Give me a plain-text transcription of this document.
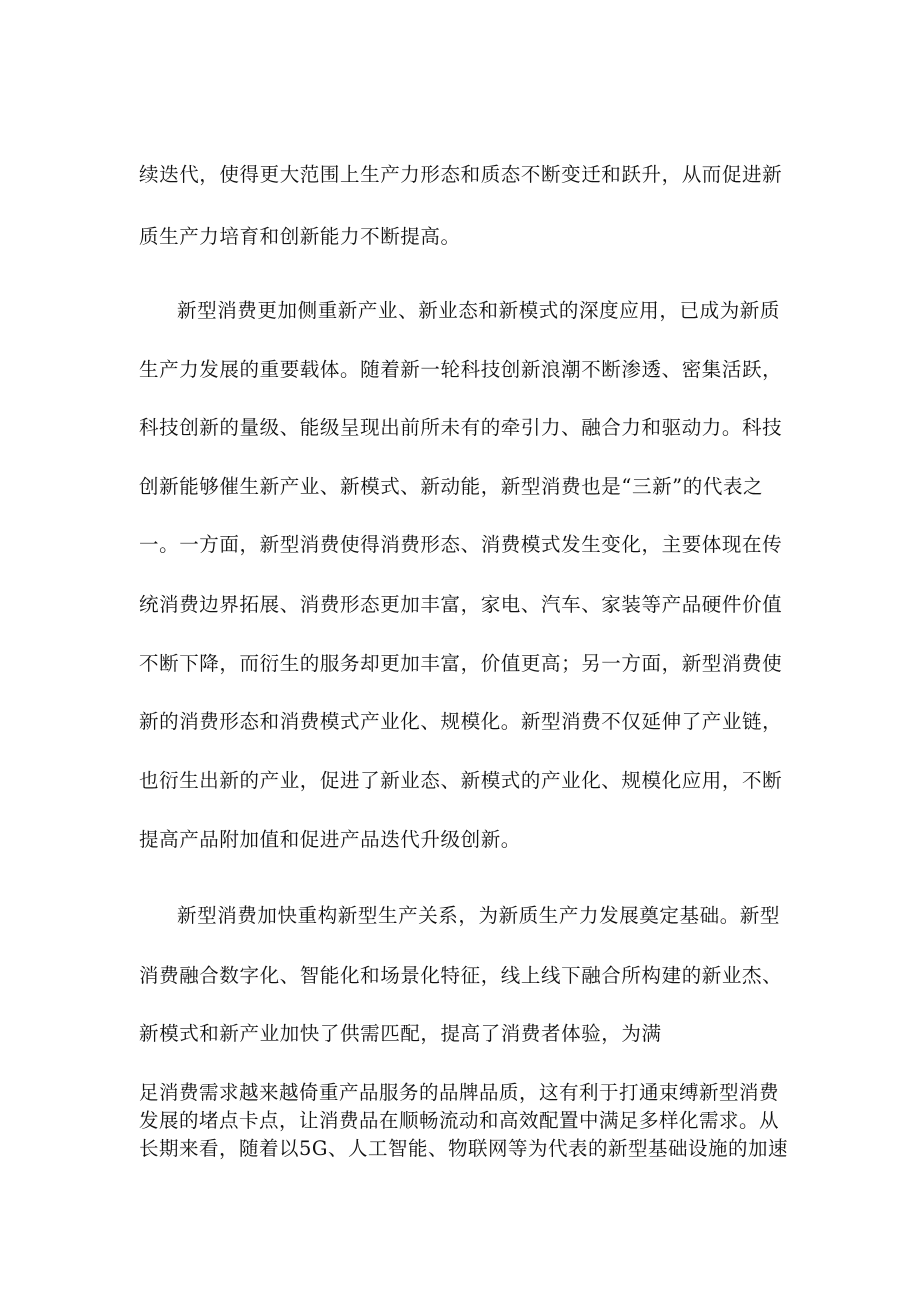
续迭代，使得更大范围上生产力形态和质态不断变迁和跃升，从而促进新

质生产力培育和创新能力不断提高。

新型消费更加侧重新产业、新业态和新模式的深度应用，已成为新质

生产力发展的重要载体。随着新一轮科技创新浪潮不断渗透、密集活跃，

科技创新的量级、能级呈现出前所未有的牵引力、融合力和驱动力。科技

创新能够催生新产业、新模式、新动能，新型消费也是“三新”的代表之

一。一方面，新型消费使得消费形态、消费模式发生变化，主要体现在传

统消费边界拓展、消费形态更加丰富，家电、汽车、家装等产品硬件价值

不断下降，而衍生的服务却更加丰富，价值更高；另一方面，新型消费使

新的消费形态和消费模式产业化、规模化。新型消费不仅延伸了产业链，

也衍生出新的产业，促进了新业态、新模式的产业化、规模化应用，不断

提高产品附加值和促进产品迭代升级创新。

新型消费加快重构新型生产关系，为新质生产力发展奠定基础。新型

消费融合数字化、智能化和场景化特征，线上线下融合所构建的新业杰、

新模式和新产业加快了供需匹配，提高了消费者体验，为满

足消费需求越来越倚重产品服务的品牌品质，这有利于打通束缚新型消费

发展的堵点卡点，让消费品在顺畅流动和高效配置中满足多样化需求。从

长期来看，随着以5G、人工智能、物联网等为代表的新型基础设施的加速
